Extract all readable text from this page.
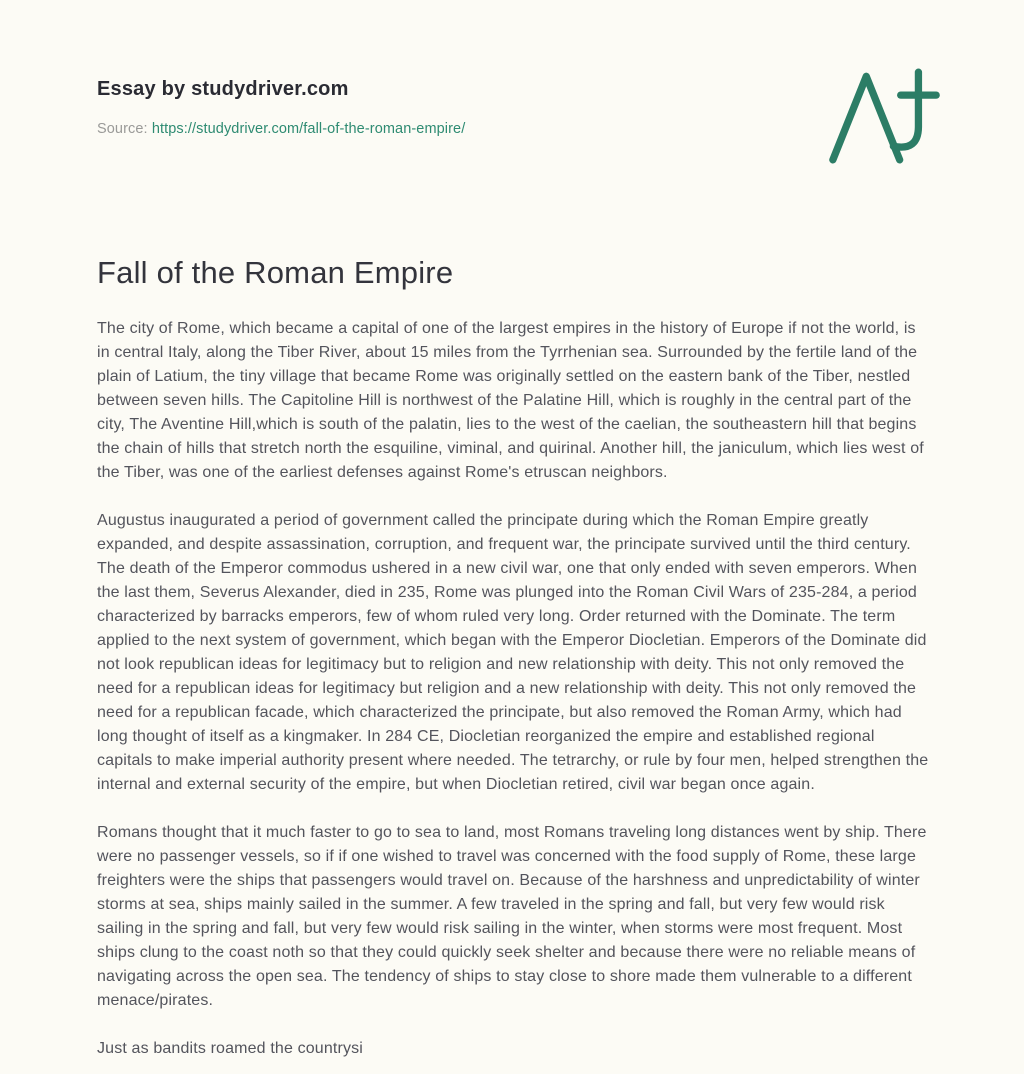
Essay by studydriver.com
Source: https://studydriver.com/fall-of-the-roman-empire/
Fall of the Roman Empire

The city of Rome, which became a capital of one of the largest empires in the history of Europe if not the world, is in central Italy, along the Tiber River, about 15 miles from the Tyrrhenian sea. Surrounded by the fertile land of the plain of Latium, the tiny village that became Rome was originally settled on the eastern bank of the Tiber, nestled between seven hills. The Capitoline Hill is northwest of the Palatine Hill, which is roughly in the central part of the city, The Aventine Hill,which is south of the palatin, lies to the west of the caelian, the southeastern hill that begins the chain of hills that stretch north the esquiline, viminal, and quirinal. Another hill, the janiculum, which lies west of the Tiber, was one of the earliest defenses against Rome's etruscan neighbors.

Augustus inaugurated a period of government called the principate during which the Roman Empire greatly expanded, and despite assassination, corruption, and frequent war, the principate survived until the third century. The death of the Emperor commodus ushered in a new civil war, one that only ended with seven emperors. When the last them, Severus Alexander, died in 235, Rome was plunged into the Roman Civil Wars of 235-284, a period characterized by barracks emperors, few of whom ruled very long. Order returned with the Dominate. The term applied to the next system of government, which began with the Emperor Diocletian. Emperors of the Dominate did not look republican ideas for legitimacy but to religion and new relationship with deity. This not only removed the need for a republican ideas for legitimacy but religion and a new relationship with deity. This not only removed the need for a republican facade, which characterized the principate, but also removed the Roman Army, which had long thought of itself as a kingmaker. In 284 CE, Diocletian reorganized the empire and established regional capitals to make imperial authority present where needed. The tetrarchy, or rule by four men, helped strengthen the internal and external security of the empire, but when Diocletian retired, civil war began once again.

Romans thought that it much faster to go to sea to land, most Romans traveling long distances went by ship. There were no passenger vessels, so if if one wished to travel was concerned with the food supply of Rome, these large freighters were the ships that passengers would travel on. Because of the harshness and unpredictability of winter storms at sea, ships mainly sailed in the summer. A few traveled in the spring and fall, but very few would risk sailing in the spring and fall, but very few would risk sailing in the winter, when storms were most frequent. Most ships clung to the coast noth so that they could quickly seek shelter and because there were no reliable means of navigating across the open sea. The tendency of ships to stay close to shore made them vulnerable to a different menace/pirates.

Just as bandits roamed the countrysi
